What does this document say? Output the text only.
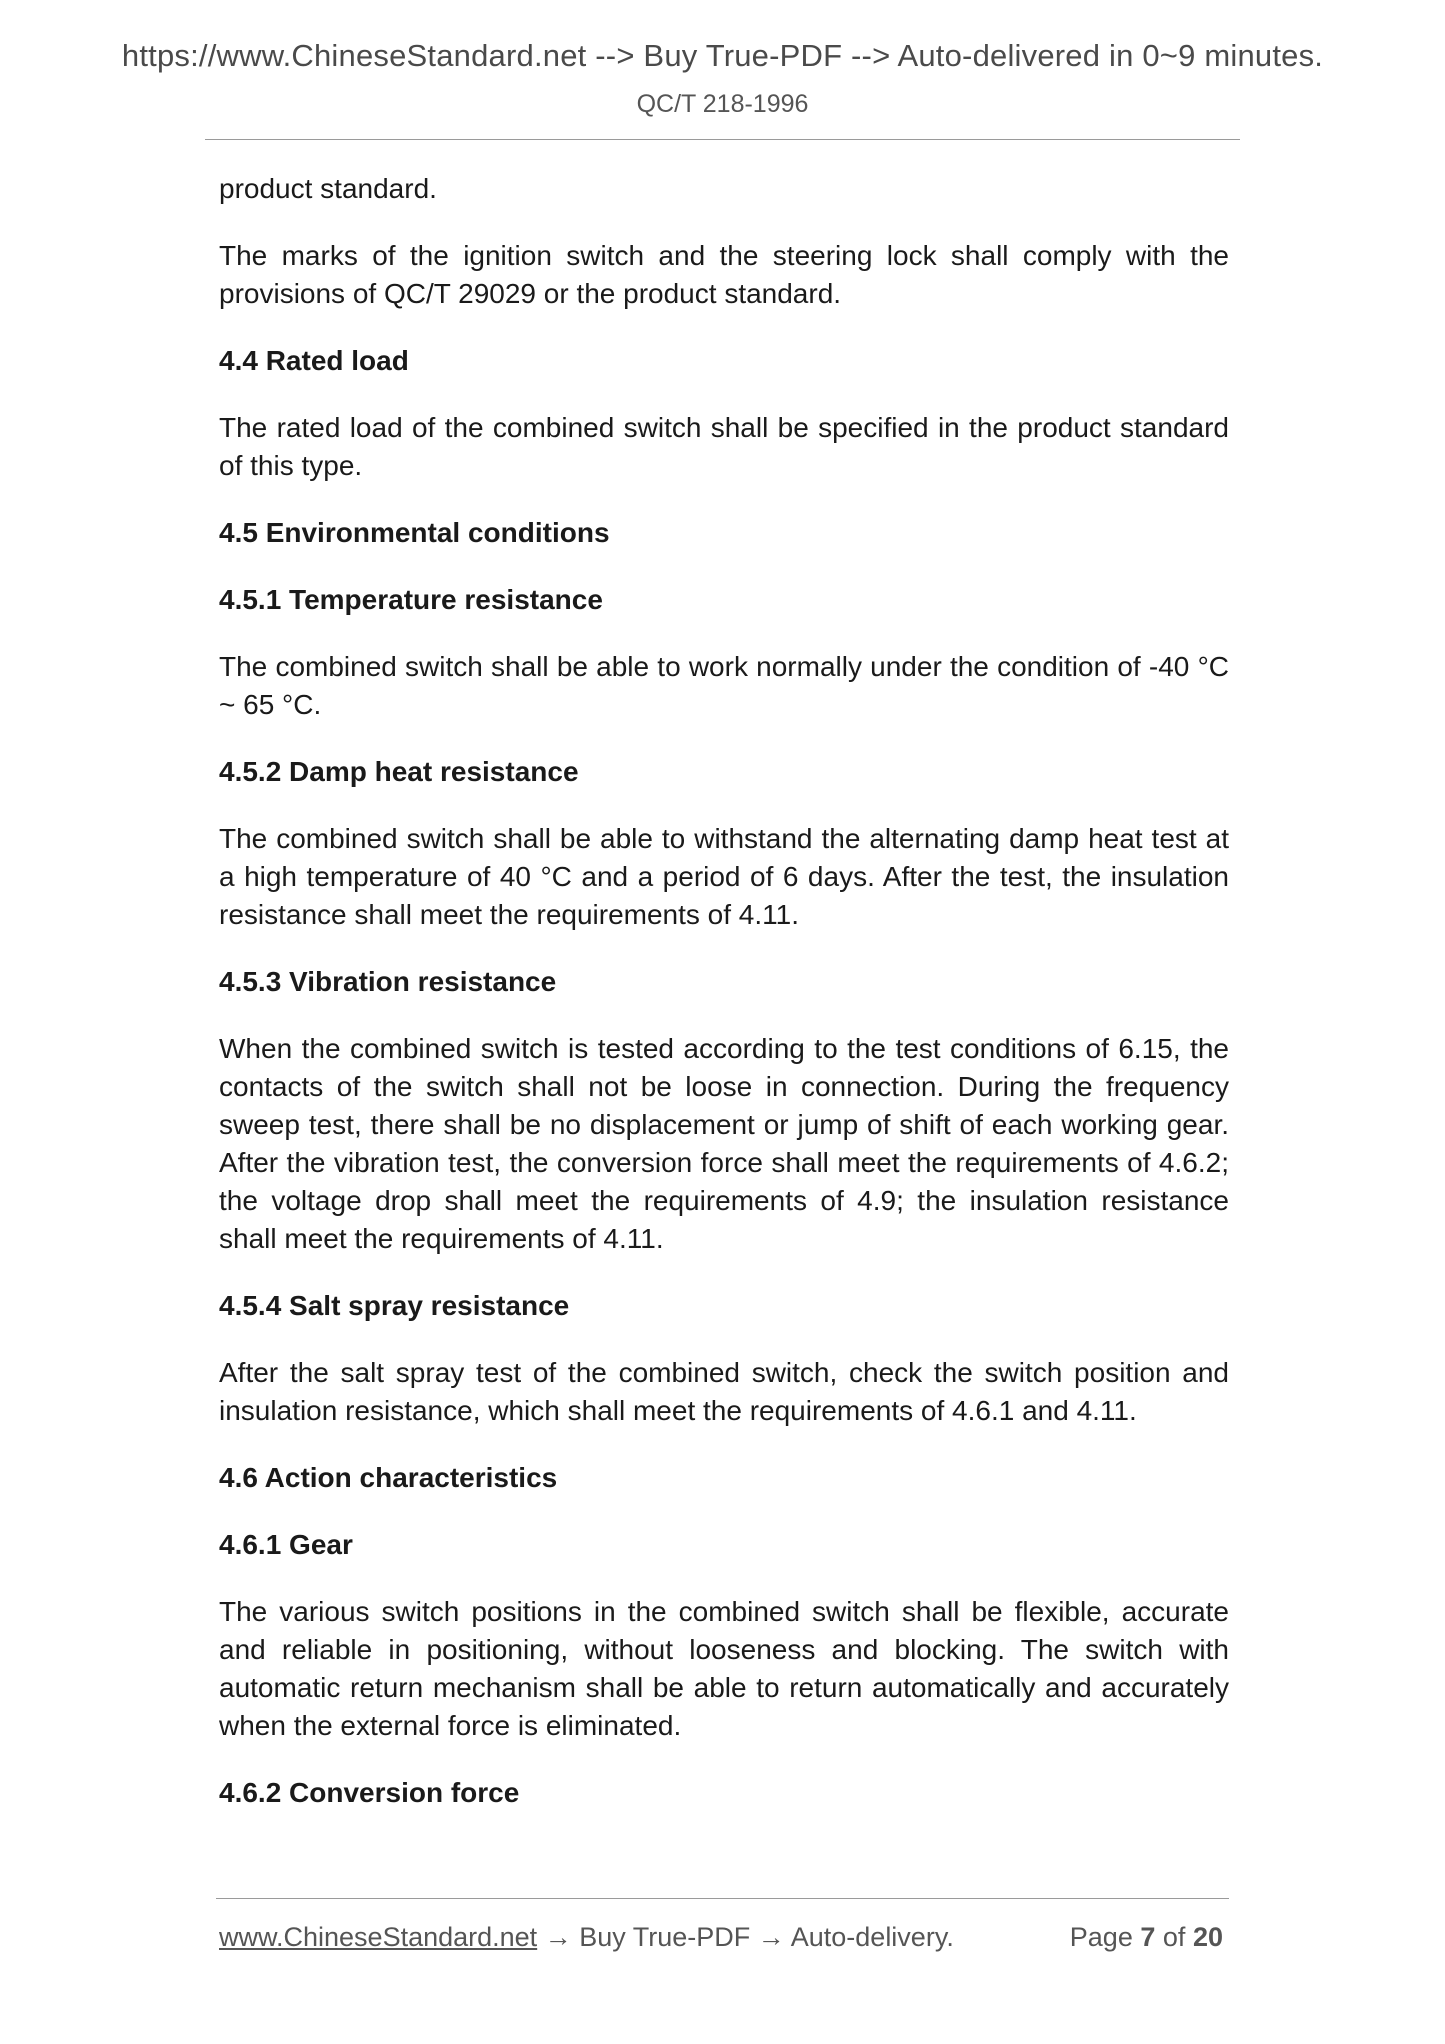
https://www.ChineseStandard.net --> Buy True-PDF --> Auto-delivered in 0~9 minutes.
QC/T 218-1996

product standard.

The marks of the ignition switch and the steering lock shall comply with the provisions of QC/T 29029 or the product standard.

4.4 Rated load

The rated load of the combined switch shall be specified in the product standard of this type.

4.5 Environmental conditions

4.5.1 Temperature resistance

The combined switch shall be able to work normally under the condition of -40 °C ~ 65 °C.

4.5.2 Damp heat resistance

The combined switch shall be able to withstand the alternating damp heat test at a high temperature of 40 °C and a period of 6 days. After the test, the insulation resistance shall meet the requirements of 4.11.

4.5.3 Vibration resistance

When the combined switch is tested according to the test conditions of 6.15, the contacts of the switch shall not be loose in connection. During the frequency sweep test, there shall be no displacement or jump of shift of each working gear. After the vibration test, the conversion force shall meet the requirements of 4.6.2; the voltage drop shall meet the requirements of 4.9; the insulation resistance shall meet the requirements of 4.11.

4.5.4 Salt spray resistance

After the salt spray test of the combined switch, check the switch position and insulation resistance, which shall meet the requirements of 4.6.1 and 4.11.

4.6 Action characteristics

4.6.1 Gear

The various switch positions in the combined switch shall be flexible, accurate and reliable in positioning, without looseness and blocking. The switch with automatic return mechanism shall be able to return automatically and accurately when the external force is eliminated.

4.6.2 Conversion force

www.ChineseStandard.net → Buy True-PDF → Auto-delivery.	Page 7 of 20
